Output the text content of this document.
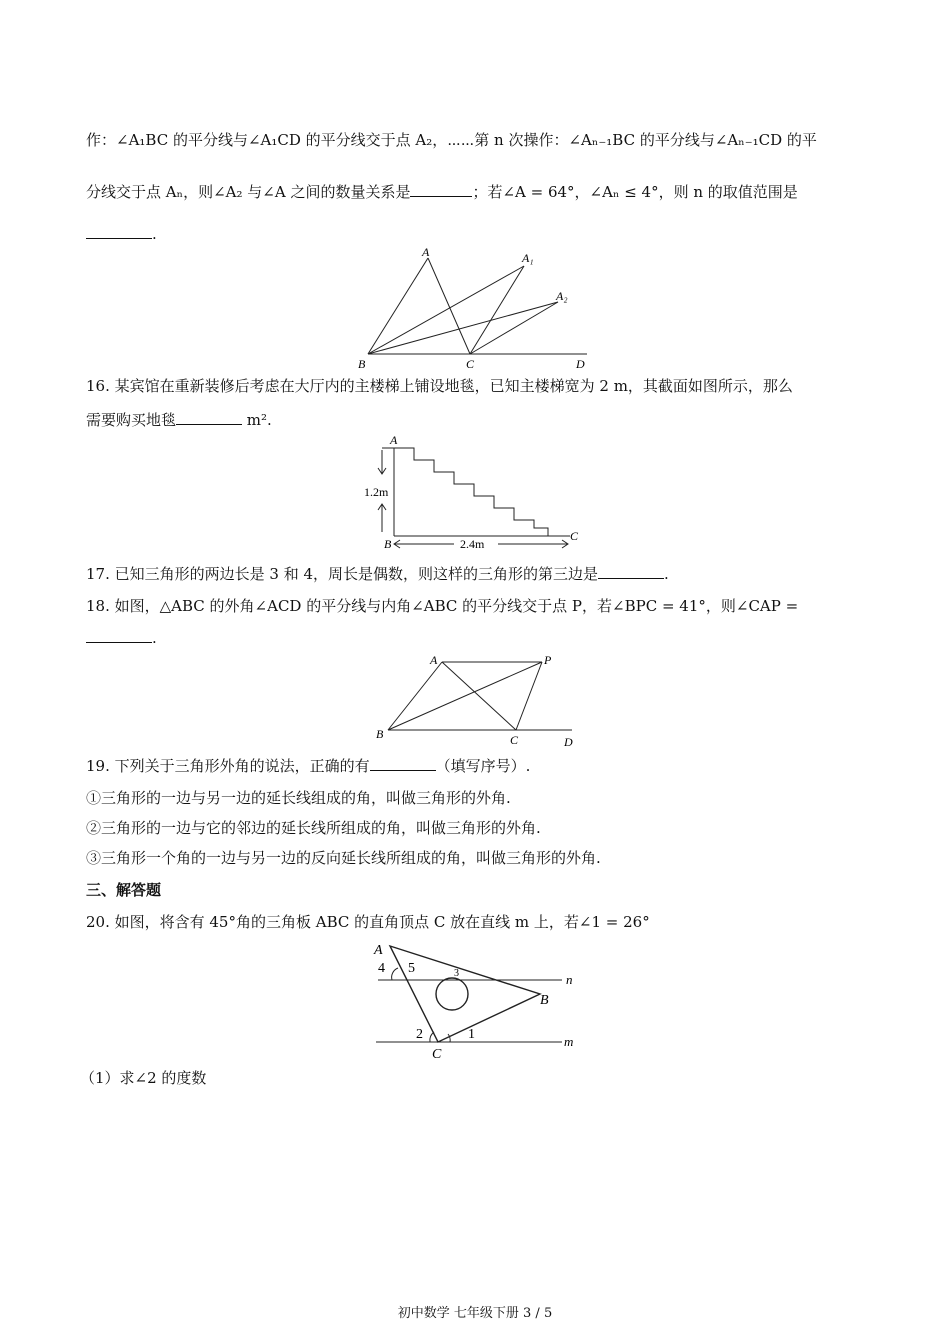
作：∠A₁BC 的平分线与∠A₁CD 的平分线交于点 A₂，⋯⋯第 n 次操作：∠Aₙ₋₁BC 的平分线与∠Aₙ₋₁CD 的平
分线交于点 Aₙ，则∠A₂ 与∠A 之间的数量关系是	；若∠A = 64°，∠Aₙ ≤ 4°，则 n 的取值范围是
.
A	A₁
A₂
B	C	D
16. 某宾馆在重新装修后考虑在大厅内的主楼梯上铺设地毯，已知主楼梯宽为 2 m，其截面如图所示，那么
需要购买地毯	m².
A
B
C
1.2m
2.4m
17. 已知三角形的两边长是 3 和 4，周长是偶数，则这样的三角形的第三边是	.
18. 如图，△ABC 的外角∠ACD 的平分线与内角∠ABC 的平分线交于点 P，若∠BPC = 41°，则∠CAP =
.
A	P
B	C	D
19. 下列关于三角形外角的说法，正确的有	（填写序号）.
①三角形的一边与另一边的延长线组成的角，叫做三角形的外角.
②三角形的一边与它的邻边的延长线所组成的角，叫做三角形的外角.
③三角形一个角的一边与另一边的反向延长线所组成的角，叫做三角形的外角.
三、解答题
20. 如图，将含有 45°角的三角板 ABC 的直角顶点 C 放在直线 m 上，若∠1 = 26°
A
B
C
n
m
1
2
3
4 5
（1）求∠2 的度数
初中数学 七年级下册 3 / 5
